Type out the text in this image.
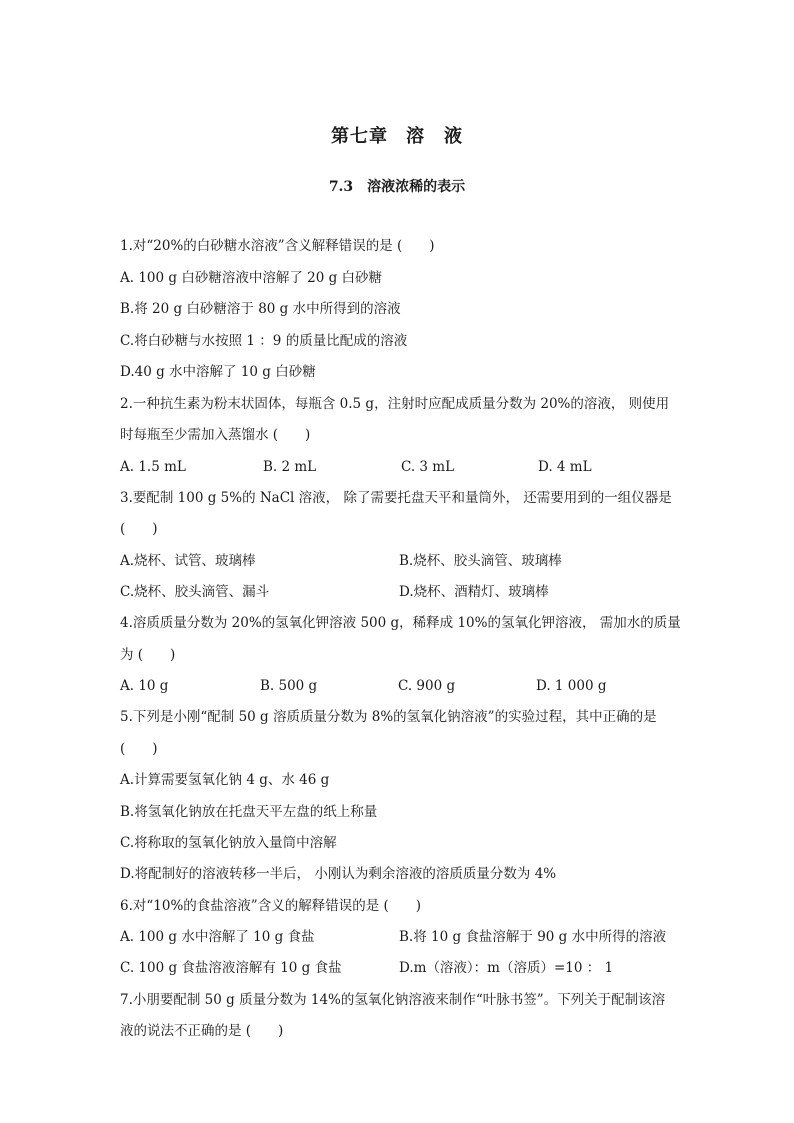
第七章 溶　液
7.3 溶液浓稀的表示
1.对“20%的白砂糖水溶液”含义解释错误的是 (　　)
A. 100 g 白砂糖溶液中溶解了 20 g 白砂糖
B.将 20 g 白砂糖溶于 80 g 水中所得到的溶液
C.将白砂糖与水按照 1 ：9 的质量比配成的溶液
D.40 g 水中溶解了 10 g 白砂糖
2.一种抗生素为粉末状固体，每瓶含 0.5 g，注射时应配成质量分数为 20%的溶液， 则使用
时每瓶至少需加入蒸馏水 (　　)
A. 1.5 mL	B. 2 mL	C. 3 mL	D. 4 mL
3.要配制 100 g 5%的 NaCl 溶液， 除了需要托盘天平和量筒外， 还需要用到的一组仪器是
(　　)
A.烧杯、试管、玻璃棒	B.烧杯、胶头滴管、玻璃棒
C.烧杯、胶头滴管、漏斗	D.烧杯、酒精灯、玻璃棒
4.溶质质量分数为 20%的氢氧化钾溶液 500 g，稀释成 10%的氢氧化钾溶液， 需加水的质量
为 (　　)
A. 10 g	B. 500 g	C. 900 g	D. 1 000 g
5.下列是小刚“配制 50 g 溶质质量分数为 8%的氢氧化钠溶液”的实验过程，其中正确的是
(　　)
A.计算需要氢氧化钠 4 g、水 46 g
B.将氢氧化钠放在托盘天平左盘的纸上称量
C.将称取的氢氧化钠放入量筒中溶解
D.将配制好的溶液转移一半后， 小刚认为剩余溶液的溶质质量分数为 4%
6.对“10%的食盐溶液”含义的解释错误的是 (　　)
A. 100 g 水中溶解了 10 g 食盐	B.将 10 g 食盐溶解于 90 g 水中所得的溶液
C. 100 g 食盐溶液溶解有 10 g 食盐	D.m（溶液）：m（溶质）=10 ： 1
7.小朋要配制 50 g 质量分数为 14%的氢氧化钠溶液来制作“叶脉书签”。下列关于配制该溶
液的说法不正确的是 (　　)
